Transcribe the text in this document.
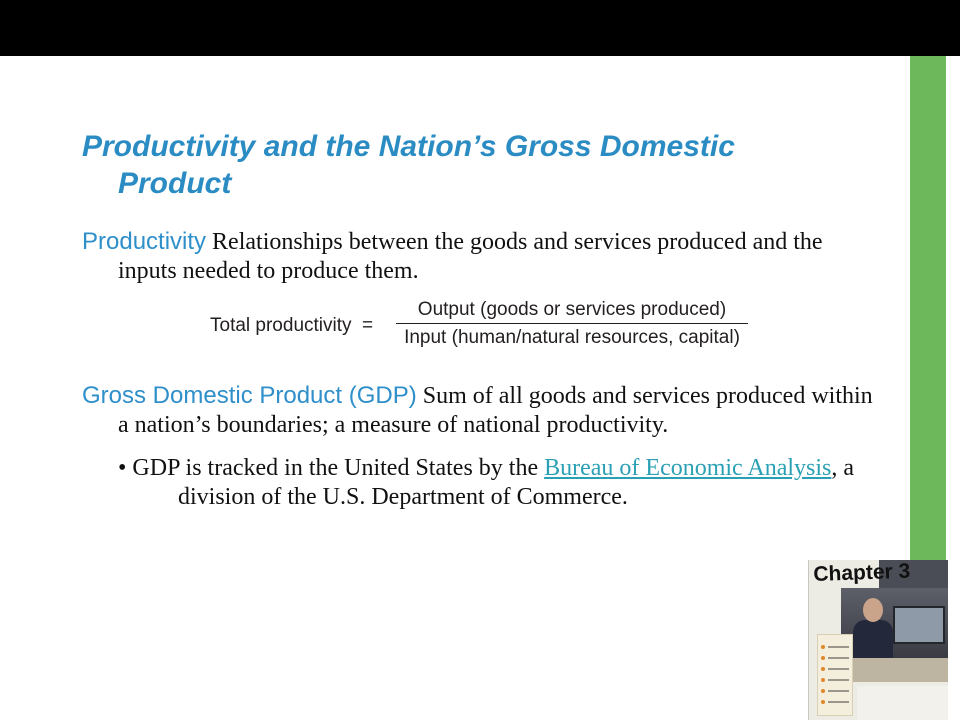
Productivity and the Nation’s Gross Domestic Product

Productivity Relationships between the goods and services produced and the inputs needed to produce them.

Total productivity =
Output (goods or services produced)
Input (human/natural resources, capital)

Gross Domestic Product (GDP) Sum of all goods and services produced within a nation’s boundaries; a measure of national productivity.

• GDP is tracked in the United States by the Bureau of Economic Analysis, a division of the U.S. Department of Commerce.

Chapter 3
